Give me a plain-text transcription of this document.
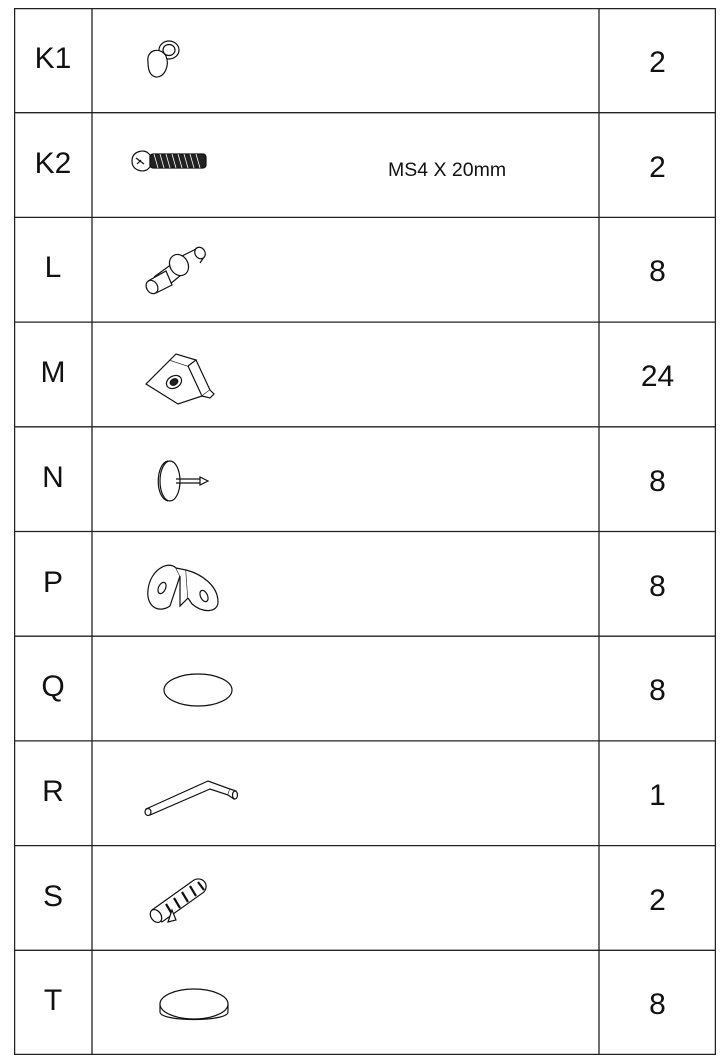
K1	2
K2	MS4 X 20mm	2
L	8
M	24
N	8
P	8
Q	8
R	1
S	2
T	8
